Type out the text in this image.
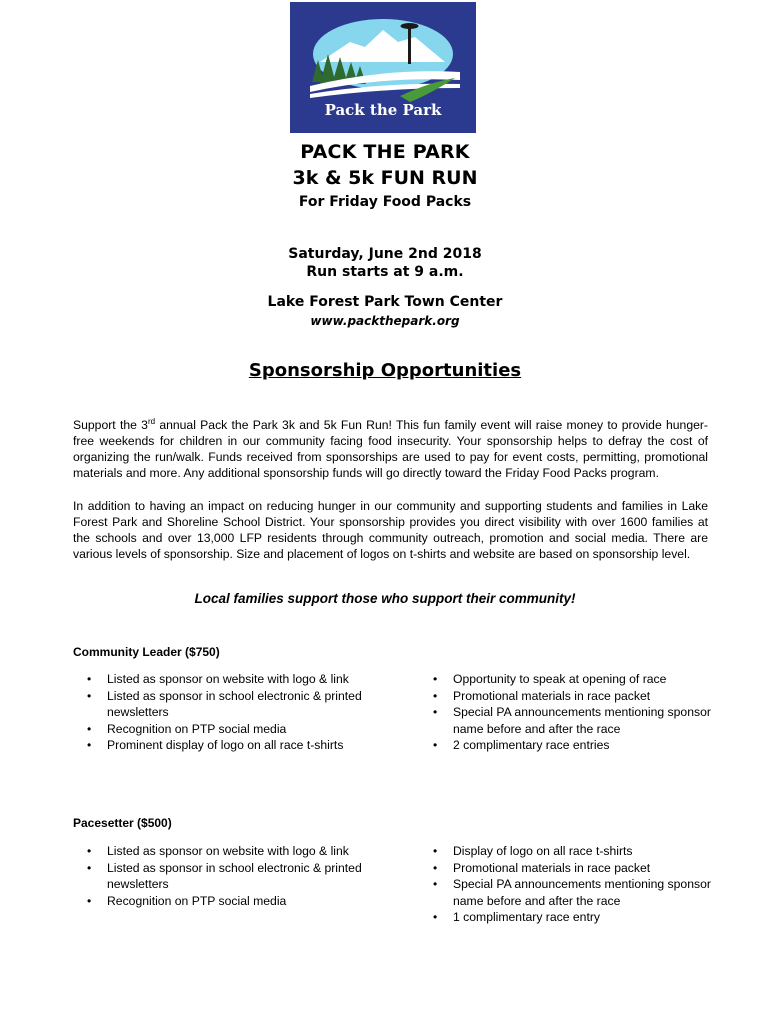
Pack the Park
PACK THE PARK
3k & 5k FUN RUN
For Friday Food Packs
Saturday, June 2nd 2018
Run starts at 9 a.m.
Lake Forest Park Town Center
www.packthepark.org
Sponsorship Opportunities

Support the 3rd annual Pack the Park 3k and 5k Fun Run! This fun family event will raise money to provide hunger-free weekends for children in our community facing food insecurity. Your sponsorship helps to defray the cost of organizing the run/walk. Funds received from sponsorships are used to pay for event costs, permitting, promotional materials and more. Any additional sponsorship funds will go directly toward the Friday Food Packs program.

In addition to having an impact on reducing hunger in our community and supporting students and families in Lake Forest Park and Shoreline School District. Your sponsorship provides you direct visibility with over 1600 families at the schools and over 13,000 LFP residents through community outreach, promotion and social media. There are various levels of sponsorship. Size and placement of logos on t-shirts and website are based on sponsorship level.

Local families support those who support their community!
Community Leader ($750)
• Listed as sponsor on website with logo & link
• Listed as sponsor in school electronic & printed newsletters
• Recognition on PTP social media
• Prominent display of logo on all race t-shirts
• Opportunity to speak at opening of race
• Promotional materials in race packet
• Special PA announcements mentioning sponsor name before and after the race
• 2 complimentary race entries
Pacesetter ($500)
• Listed as sponsor on website with logo & link
• Listed as sponsor in school electronic & printed newsletters
• Recognition on PTP social media
• Display of logo on all race t-shirts
• Promotional materials in race packet
• Special PA announcements mentioning sponsor name before and after the race
• 1 complimentary race entry
